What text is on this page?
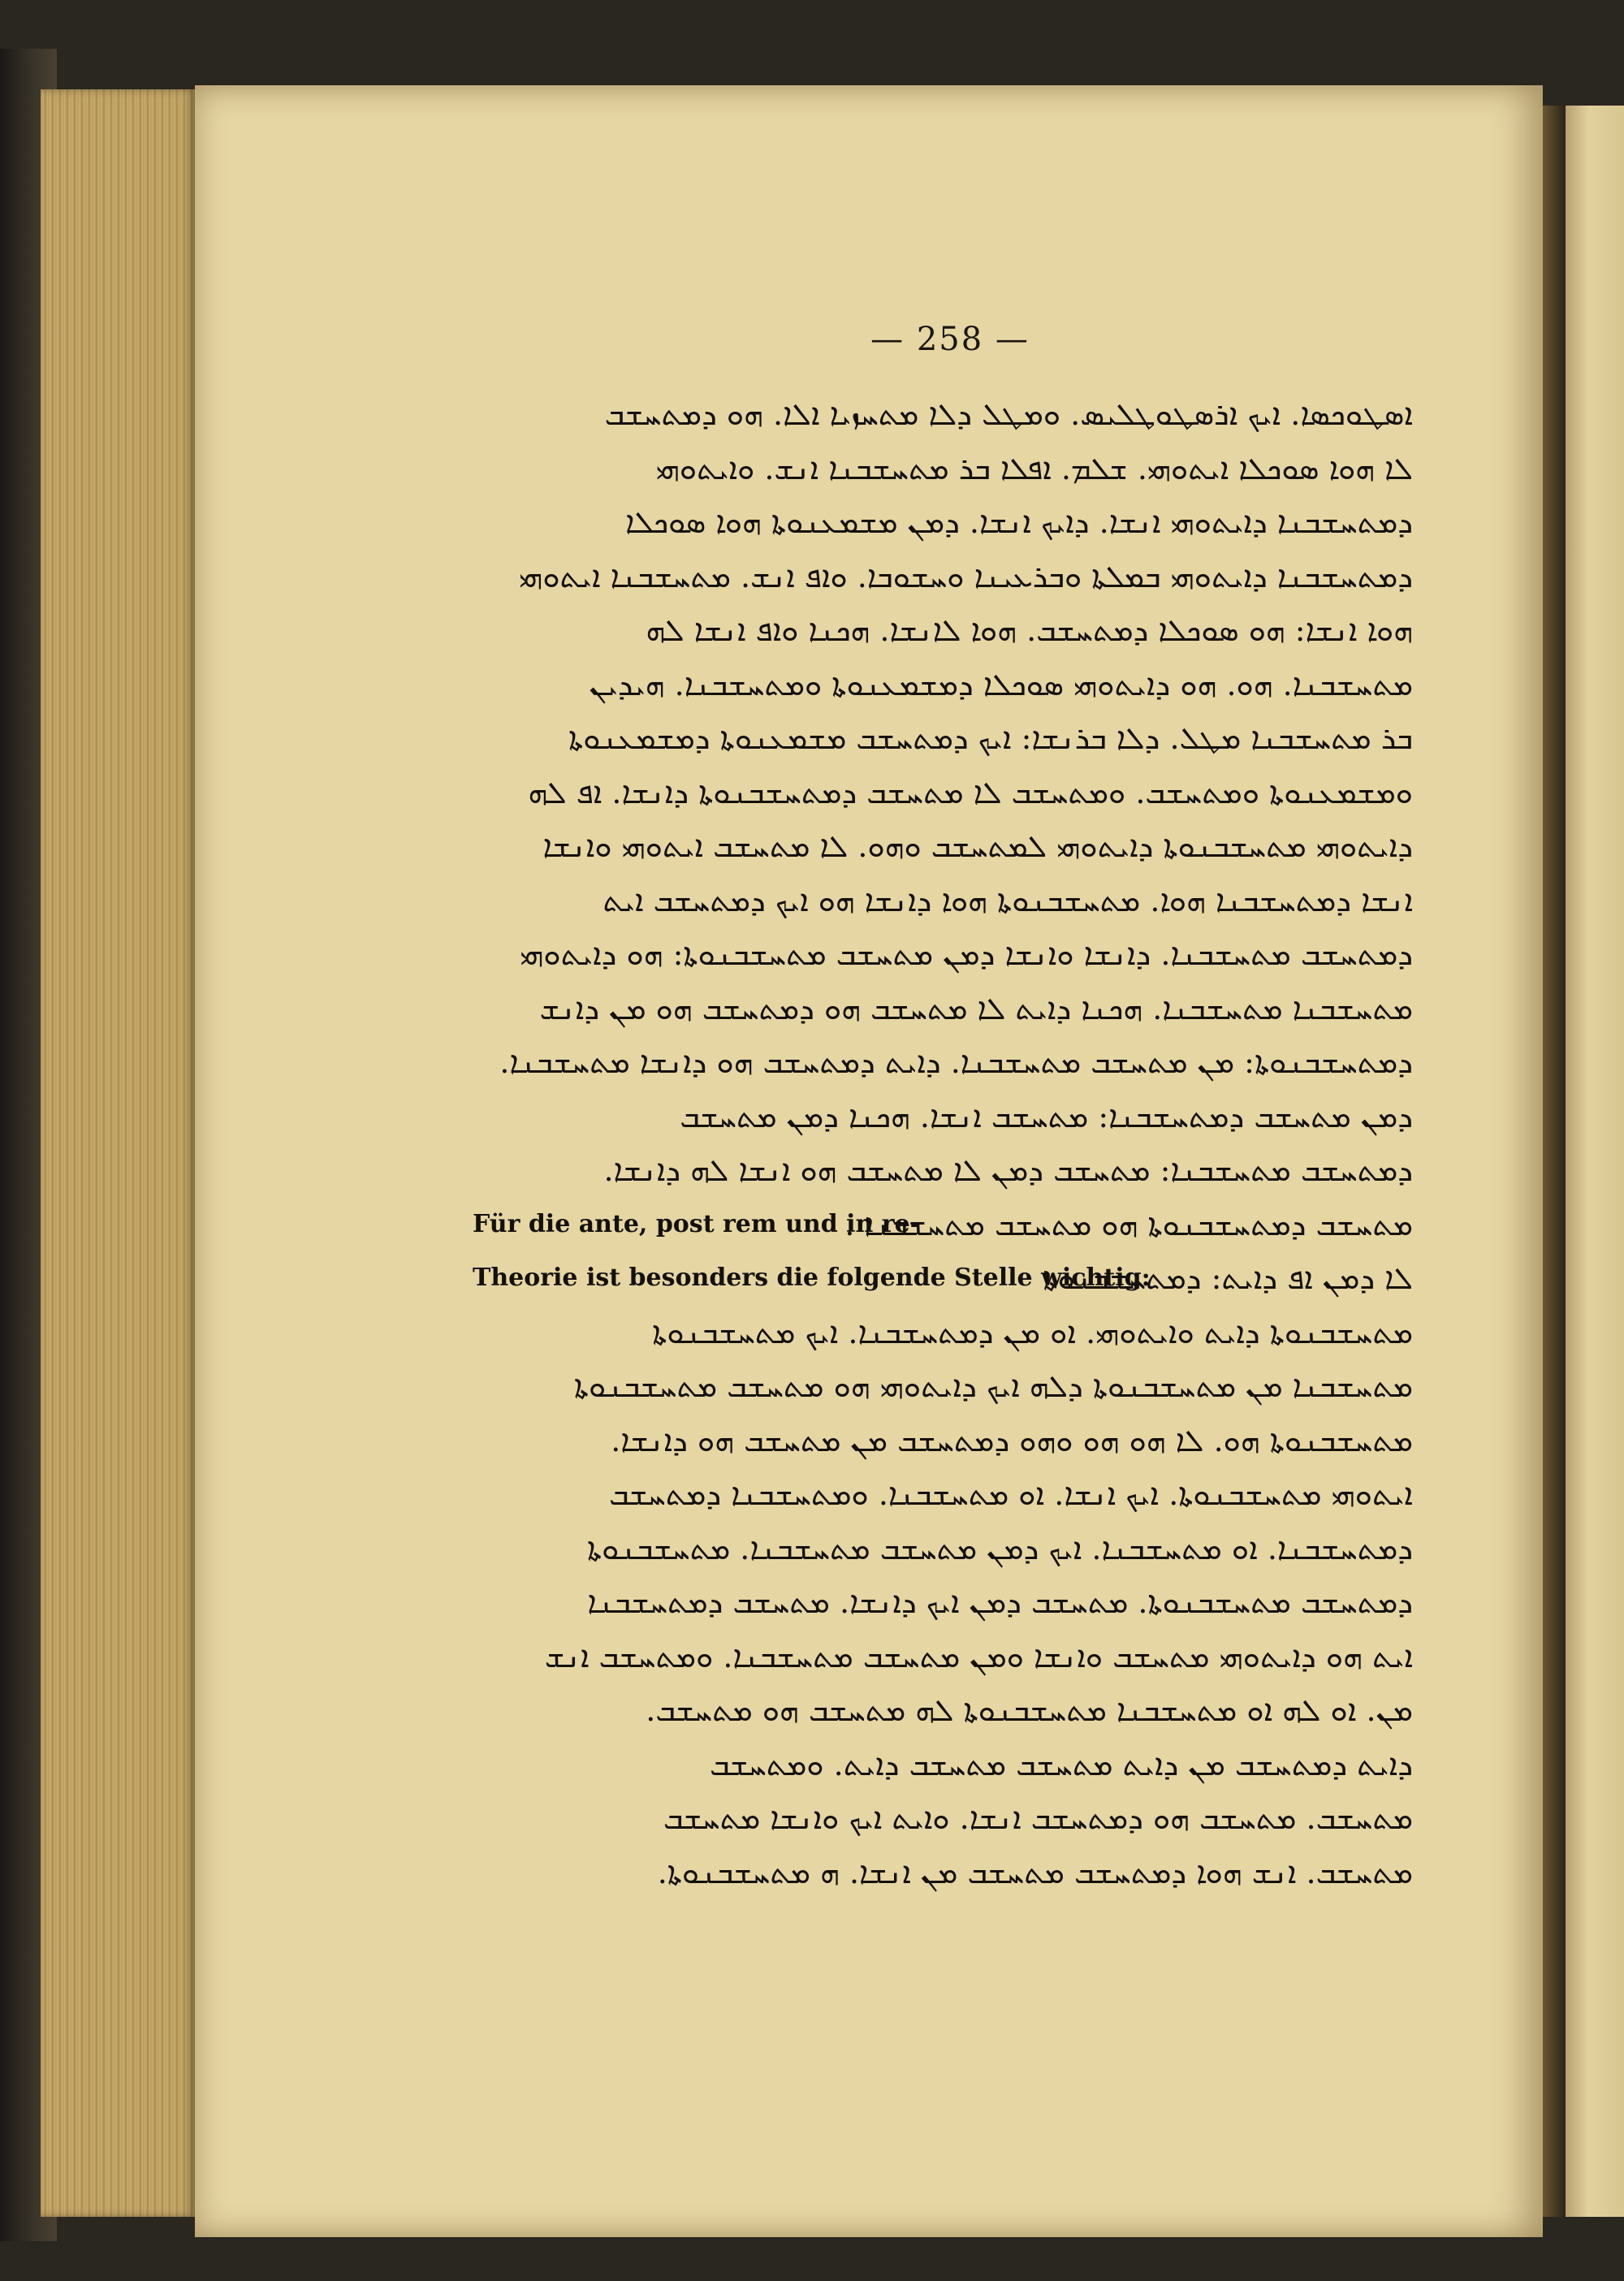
— 258 —
ܐܣܛܘܟܣܐ. ܐܝܟ ܐܪܣܛܘܛܠܝܣ. ܘܡܛܠ ܕܠܐ ܡܬܚܙܝܐ ܐܠܐ. ܗܘ ܕܡܬܚܫܒ
ܠܐ ܗܘܐ ܣܘܟܠܐ ܐܝܬܘܗܝ. ܫܠܡ. ܐܦܠܐ ܒܪ ܡܬܚܫܒܢܐ ܐܢܫ. ܘܐܝܬܘܗܝ
ܕܡܬܚܫܒܢܐ ܕܐܝܬܘܗܝ ܐܢܫܐ. ܕܐܝܟ ܐܢܫܐ. ܕܡܢ ܡܫܡܥܢܘܬܐ ܗܘܐ ܣܘܟܠܐ
ܕܡܬܚܫܒܢܐ ܕܐܝܬܘܗܝ ܒܡܠܬܐ ܘܒܪܥܝܢܐ ܘܚܫܘܒܐ. ܘܐܦ ܐܢܫ. ܡܬܚܫܒܢܐ ܐܝܬܘܗܝ
ܗܘܐ ܐܢܫܐ: ܗܘ ܣܘܟܠܐ ܕܡܬܚܫܒ. ܗܘܐ ܠܐܢܫܐ. ܗܟܢܐ ܘܐܦ ܐܢܫܐ ܠܗ
ܡܬܚܫܒܢܐ. ܗܘ. ܗܘ ܕܐܝܬܘܗܝ ܣܘܟܠܐ ܕܡܫܡܥܢܘܬܐ ܘܡܬܚܫܒܢܐ. ܗܝܕܝܢ
ܒܪ ܡܬܚܫܒܢܐ ܡܛܠ. ܕܠܐ ܒܪܢܫܐ: ܐܝܟ ܕܡܬܚܫܒ ܡܫܡܥܢܘܬܐ ܕܡܫܡܥܢܘܬܐ
ܘܡܫܡܥܢܘܬܐ ܘܡܬܚܫܒ. ܘܡܬܚܫܒ ܠܐ ܡܬܚܫܒ ܕܡܬܚܫܒܢܘܬܐ ܕܐܢܫܐ. ܐܦ ܠܗ
ܕܐܝܬܘܗܝ ܡܬܚܫܒܢܘܬܐ ܕܐܝܬܘܗܝ ܠܡܬܚܫܒ ܘܗܘ. ܠܐ ܡܬܚܫܒ ܐܝܬܘܗܝ ܘܐܢܫܐ
ܐܢܫܐ ܕܡܬܚܫܒܢܐ ܗܘܐ. ܡܬܚܫܒܢܘܬܐ ܗܘܐ ܕܐܢܫܐ ܗܘ ܐܝܟ ܕܡܬܚܫܒ ܐܝܬ
ܕܡܬܚܫܒ ܡܬܚܫܒܢܐ. ܕܐܢܫܐ ܘܐܢܫܐ ܕܡܢ ܡܬܚܫܒ ܡܬܚܫܒܢܘܬܐ: ܗܘ ܕܐܝܬܘܗܝ
ܡܬܚܫܒܢܐ ܡܬܚܫܒܢܐ. ܗܟܢܐ ܕܐܝܬ ܠܐ ܡܬܚܫܒ ܗܘ ܕܡܬܚܫܒ ܗܘ ܡܢ ܕܐܢܫ
ܕܡܬܚܫܒܢܘܬܐ: ܡܢ ܡܬܚܫܒ ܡܬܚܫܒܢܐ. ܕܐܝܬ ܕܡܬܚܫܒ ܗܘ ܕܐܢܫܐ ܡܬܚܫܒܢܐ.
ܕܡܢ ܡܬܚܫܒ ܕܡܬܚܫܒܢܐ: ܡܬܚܫܒ ܐܢܫܐ. ܗܟܢܐ ܕܡܢ ܡܬܚܫܒ
ܕܡܬܚܫܒ ܡܬܚܫܒܢܐ: ܡܬܚܫܒ ܕܡܢ ܠܐ ܡܬܚܫܒ ܗܘ ܐܢܫܐ ܠܗ ܕܐܢܫܐ.
Für die ante, post rem und in re-
ܡܬܚܫܒ ܕܡܬܚܫܒܢܘܬܐ ܗܘ ܡܬܚܫܒ ܡܬܚܫܒܢܐ .
Theorie ist besonders die folgende Stelle wichtig:
ܠܐ ܕܡܢ ܐܦ ܕܐܝܬ: ܕܡܬܚܫܒܢܘܬܐ
ܡܬܚܫܒܢܘܬܐ ܕܐܝܬ ܘܐܝܬܘܗܝ. ܐܘ ܡܢ ܕܡܬܚܫܒܢܐ. ܐܝܟ ܡܬܚܫܒܢܘܬܐ
ܡܬܚܫܒܢܐ ܡܢ ܡܬܚܫܒܢܘܬܐ ܕܠܗ ܐܝܟ ܕܐܝܬܘܗܝ ܗܘ ܡܬܚܫܒ ܡܬܚܫܒܢܘܬܐ
ܡܬܚܫܒܢܘܬܐ ܗܘ. ܠܐ ܗܘ ܗܘ ܘܗܘ ܕܡܬܚܫܒ ܡܢ ܡܬܚܫܒ ܗܘ ܕܐܢܫܐ.
ܐܝܬܘܗܝ ܡܬܚܫܒܢܘܬܐ. ܐܝܟ ܐܢܫܐ. ܐܘ ܡܬܚܫܒܢܐ. ܘܡܬܚܫܒܢܐ ܕܡܬܚܫܒ
ܕܡܬܚܫܒܢܐ. ܐܘ ܡܬܚܫܒܢܐ. ܐܝܟ ܕܡܢ ܡܬܚܫܒ ܡܬܚܫܒܢܐ. ܡܬܚܫܒܢܘܬܐ
ܕܡܬܚܫܒ ܡܬܚܫܒܢܘܬܐ. ܡܬܚܫܒ ܕܡܢ ܐܝܟ ܕܐܢܫܐ. ܡܬܚܫܒ ܕܡܬܚܫܒܢܐ
ܐܝܬ ܗܘ ܕܐܝܬܘܗܝ ܡܬܚܫܒ ܘܐܢܫܐ ܘܡܢ ܡܬܚܫܒ ܡܬܚܫܒܢܐ. ܘܡܬܚܫܒ ܐܢܫ
ܡܢ. ܐܘ ܠܗ ܐܘ ܡܬܚܫܒܢܐ ܡܬܚܫܒܢܘܬܐ ܠܗ ܡܬܚܫܒ ܗܘ ܡܬܚܫܒ.
ܕܐܝܬ ܕܡܬܚܫܒ ܡܢ ܕܐܝܬ ܡܬܚܫܒ ܡܬܚܫܒ ܕܐܝܬ. ܘܡܬܚܫܒ
ܡܬܚܫܒ. ܡܬܚܫܒ ܗܘ ܕܡܬܚܫܒ ܐܢܫܐ. ܘܐܝܬ ܐܝܟ ܘܐܢܫܐ ܡܬܚܫܒ
ܡܬܚܫܒ. ܐܢܫ ܗܘܐ ܕܡܬܚܫܒ ܡܬܚܫܒ ܡܢ ܐܢܫܐ. ܗ ܡܬܚܫܒܢܘܬܐ.
